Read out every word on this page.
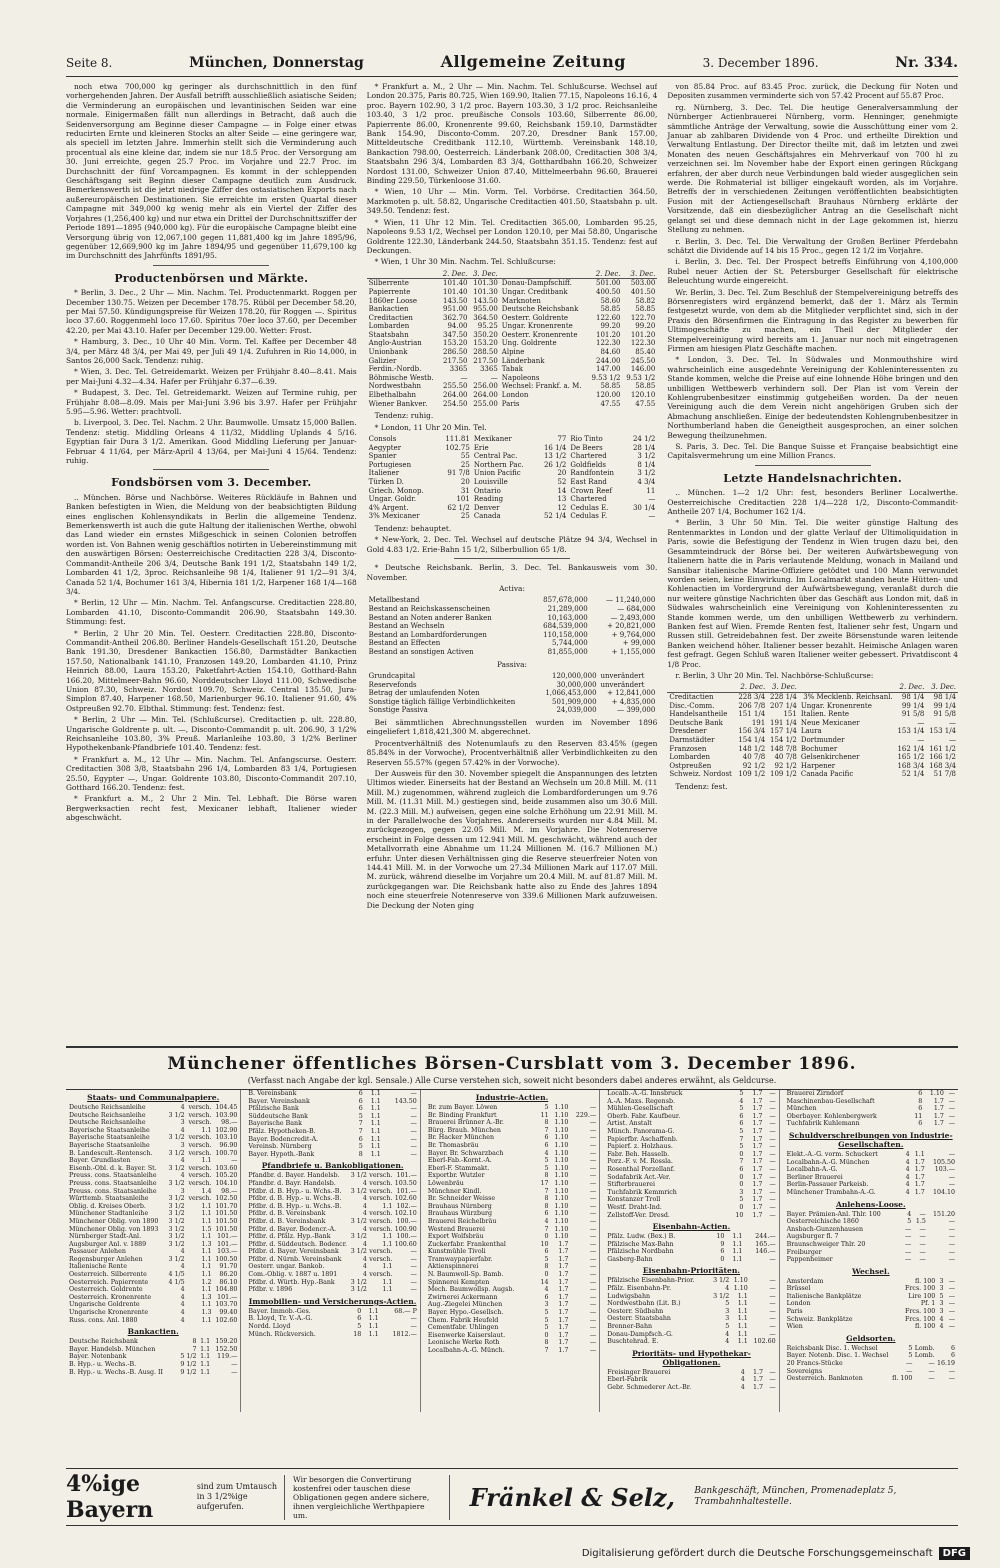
Seite 8.	München, Donnerstag	Allgemeine Zeitung	3. December 1896.	Nr. 334.

noch etwa 700,000 kg geringer als durchschnittlich in den fünf vorhergehenden Jahren. Der Ausfall betrifft ausschließlich asiatische Seiden; die Verminderung an europäischen und levantinischen Seiden war eine normale. Einigermaßen fällt nun allerdings in Betracht, daß auch die Seidenversorgung am Beginne dieser Campagne — in Folge einer etwas reducirten Ernte und kleineren Stocks an alter Seide — eine geringere war, als speciell im letzten Jahre. Immerhin stellt sich die Verminderung auch procentual als eine kleine dar, indem sie nur 18.5 Proc. der Versorgung am 30. Juni erreichte, gegen 25.7 Proc. im Vorjahre und 22.7 Proc. im Durchschnitt der fünf Vorcampagnen. Es kommt in der schleppenden Geschäftsgang seit Beginn dieser Campagne deutlich zum Ausdruck. Bemerkenswerth ist die jetzt niedrige Ziffer des ostasiatischen Exports nach außereuropäischen Destinationen. Sie erreichte im ersten Quartal dieser Campagne mit 349,000 kg wenig mehr als ein Viertel der Ziffer des Vorjahres (1,256,400 kg) und nur etwa ein Drittel der Durchschnittsziffer der Periode 1891—1895 (940,000 kg). Für die europäische Campagne bleibt eine Versorgung übrig von 12,067,100 gegen 11,881,400 kg im Jahre 1895/96, gegenüber 12,669,900 kg im Jahre 1894/95 und gegenüber 11,679,100 kg im Durchschnitt des Jahrfünfts 1891/95.

Productenbörsen und Märkte.

* Berlin, 3. Dec., 2 Uhr — Min. Nachm. Tel. Productenmarkt. Roggen per December 130.75. Weizen per December 178.75. Rüböl per December 58.20, per Mai 57.50. Kündigungspreise für Weizen 178.20, für Roggen —. Spiritus loco 37.60. Roggenmehl loco 17.60. Spiritus 70er loco 37.60, per December 42.20, per Mai 43.10. Hafer per December 129.00. Wetter: Frost.

* Hamburg, 3. Dec., 10 Uhr 40 Min. Vorm. Tel. Kaffee per December 48 3/4, per März 48 3/4, per Mai 49, per Juli 49 1/4. Zufuhren in Rio 14,000, in Santos 26,000 Sack. Tendenz: ruhig.

* Wien, 3. Dec. Tel. Getreidemarkt. Weizen per Frühjahr 8.40—8.41. Mais per Mai-Juni 4.32—4.34. Hafer per Frühjahr 6.37—6.39.

* Budapest, 3. Dec. Tel. Getreidemarkt. Weizen auf Termine ruhig, per Frühjahr 8.08—8.09. Mais per Mai-Juni 3.96 bis 3.97. Hafer per Frühjahr 5.95—5.96. Wetter: prachtvoll.

b. Liverpool, 3. Dec. Tel. Nachm. 2 Uhr. Baumwolle. Umsatz 15,000 Ballen. Tendenz: stetig. Middling Orleans 4 11/32, Middling Uplands 4 5/16. Egyptian fair Dura 3 1/2. Amerikan. Good Middling Lieferung per Januar-Februar 4 11/64, per März-April 4 13/64, per Mai-Juni 4 15/64. Tendenz: ruhig.

Fondsbörsen vom 3. December.

.. München. Börse und Nachbörse. Weiteres Rückläufe in Bahnen und Banken befestigten in Wien, die Meldung von der beabsichtigten Bildung eines englischen Kohlensyndikats in Berlin die allgemeine Tendenz. Bemerkenswerth ist auch die gute Haltung der italienischen Werthe, obwohl das Land wieder ein ernstes Mißgeschick in seinen Colonien betroffen worden ist. Von Bahnen wenig geschäftlos notirten in Uebereinstimmung mit den auswärtigen Börsen: Oesterreichische Creditactien 228 3/4, Disconto-Commandit-Antheile 206 3/4, Deutsche Bank 191 1/2, Staatsbahn 149 1/2, Lombarden 41 1/2, 3proc. Reichsanleihe 98 1/4, Italiener 91 1/2—91 3/4, Canada 52 1/4, Bochumer 161 3/4, Hibernia 181 1/2, Harpener 168 1/4—168 3/4.

* Berlin, 12 Uhr — Min. Nachm. Tel. Anfangscurse. Creditactien 228.80, Lombarden 41.10, Disconto-Commandit 206.90, Staatsbahn 149.30. Stimmung: fest.

* Berlin, 2 Uhr 20 Min. Tel. Oesterr. Creditactien 228.80, Disconto-Commandit-Antheil 206.80. Berliner Handels-Gesellschaft 151.20, Deutsche Bank 191.30, Dresdener Bankactien 156.80, Darmstädter Bankactien 157.50, Nationalbank 141.10, Franzosen 149.20, Lombarden 41.10, Prinz Heinrich 88.00, Laura 153.20, Paketfahrt-Actien 154.10, Gotthard-Bahn 166.20, Mittelmeer-Bahn 96.60, Norddeutscher Lloyd 111.00, Schwedische Union 87.30, Schweiz. Nordost 109.70, Schweiz. Central 135.50, Jura-Simplon 87.40, Harpener 168.50, Marienburger 96.10. Italiener 91.60, 4% Ostpreußen 92.70. Elbthal. Stimmung: fest. Tendenz: fest.

* Berlin, 2 Uhr — Min. Tel. (Schlußcurse). Creditactien p. ult. 228.80, Ungarische Goldrente p. ult. —, Disconto-Commandit p. ult. 206.90, 3 1/2% Reichsanleihe 103.80, 3% Preuß. Marlanleihe 103.80, 3 1/2% Berliner Hypothekenbank-Pfandbriefe 101.40. Tendenz: fest.

* Frankfurt a. M., 12 Uhr — Min. Nachm. Tel. Anfangscurse. Oesterr. Creditactien 308 3/8, Staatsbahn 296 1/4, Lombarden 83 1/4, Portugiesen 25.50, Egypter —, Ungar. Goldrente 103.80, Disconto-Commandit 207.10, Gotthard 166.20. Tendenz: fest.

* Frankfurt a. M., 2 Uhr 2 Min. Tel. Lebhaft. Die Börse waren Bergwerksactien recht fest, Mexicaner lebhaft, Italiener wieder abgeschwächt.

* Frankfurt a. M., 2 Uhr — Min. Nachm. Tel. Schlußcurse. Wechsel auf London 20.375, Paris 80.725, Wien 169.90, Italien 77.15, Napoleons 16.16, 4 proc. Bayern 102.90, 3 1/2 proc. Bayern 103.30, 3 1/2 proc. Reichsanleihe 103.40, 3 1/2 proc. preußische Consols 103.60, Silberrente 86.00, Papierrente 86.00, Kronenrente 99.60, Reichsbank 159.10, Darmstädter Bank 154.90, Disconto-Comm. 207.20, Dresdner Bank 157.00, Mitteldeutsche Creditbank 112.10, Württemb. Vereinsbank 148.10, Bankaction 798.00, Oesterreich. Länderbank 208.00, Creditactien 308 3/4, Staatsbahn 296 3/4, Lombarden 83 3/4, Gotthardbahn 166.20, Schweizer Nordost 131.00, Schweizer Union 87.40, Mittelmeerbahn 96.60, Brauerei Binding 229.50, Türkenloose 31.60.

* Wien, 10 Uhr — Min. Vorm. Tel. Vorbörse. Creditactien 364.50, Markmoten p. ult. 58.82, Ungarische Creditactien 401.50, Staatsbahn p. ult. 349.50. Tendenz: fest.

* Wien, 11 Uhr 12 Min. Tel. Creditactien 365.00, Lombarden 95.25, Napoleons 9.53 1/2, Wechsel per London 120.10, per Mai 58.80, Ungarische Goldrente 122.30, Länderbank 244.50, Staatsbahn 351.15. Tendenz: fest auf Deckungen.

* Wien, 1 Uhr 30 Min. Nachm. Tel. Schlußcurse:

	2. Dec.	3. Dec.		2. Dec.	3. Dec.
Silberrente	101.40	101.30	Donau-Dampfschiff.	501.00	503.00
Papierrente	101.40	101.30	Ungar. Creditbank	400.50	401.50
1860er Loose	143.50	143.50	Marknoten	58.60	58.82
Bankactien	951.00	955.00	Deutsche Reichsbank	58.85	58.85
Creditactien	362.70	364.50	Oesterr. Goldrente	122.60	122.70
Lombarden	94.00	95.25	Ungar. Kronenrente	99.20	99.20
Staatsbahn	347.50	350.20	Oesterr. Kronenrente	101.20	101.20
Anglo-Austrian	153.20	153.20	Ung. Goldrente	122.30	122.30
Unionbank	286.50	288.50	Alpine	84.60	85.40
Galizier	217.50	217.50	Länderbank	244.00	245.50
Ferdin.-Nordb.	3365	3365	Tabak	147.00	146.00
Böhmische Westb.	—	—	Napoleons	9.53 1/2	9.53 1/2
Nordwestbahn	255.50	256.00	Wechsel: Frankf. a. M.	58.85	58.85
Elbethalbahn	264.00	264.00	London	120.00	120.10
Wiener Bankver.	254.50	255.00	Paris	47.55	47.55

Tendenz: ruhig.

* London, 11 Uhr 20 Min. Tel.

Consols	111.81	Mexikaner	77	Rio Tinto	24 1/2
Aegypter	102.75	Erie	16 1/4	De Beers	28 1/4
Spanier	55	Central Pac.	13 1/2	Chartered	3 1/2
Portugiesen	25	Northern Pac.	26 1/2	Goldfields	8 1/4
Italiener	91 7/8	Union Pacific	20	Randfontein	3 1/2
Türken D.	20	Louisville	52	East Rand	4 3/4
Griech. Monop.	31	Ontario	14	Crown Reef	11
Ungar. Goldr.	101	Reading	13	Chartered	—
4% Argent.	62 1/2	Denver	12	Cedulas E.	30 1/4
3% Mexicaner	25	Canada	52 1/4	Cedulas F.	—

Tendenz: behauptet.

* New-York, 2. Dec. Tel. Wechsel auf deutsche Plätze 94 3/4, Wechsel in Gold 4.83 1/2. Erie-Bahn 15 1/2, Silberbullion 65 1/8.

* Deutsche Reichsbank. Berlin, 3. Dec. Tel. Bankausweis vom 30. November.

Activa:

Metallbestand	857,678,000	— 11,240,000
Bestand an Reichskassenscheinen	21,289,000	— 684,000
Bestand an Noten anderer Banken	10,163,000	— 2,493,000
Bestand an Wechseln	684,539,000	+ 20,821,000
Bestand an Lombardforderungen	110,158,000	+ 9,764,000
Bestand an Effecten	5,744,000	+ 99,000
Bestand an sonstigen Activen	81,855,000	+ 1,155,000

Passiva:

Grundcapital	120,000,000	unverändert
Reservefonds	30,000,000	unverändert
Betrag der umlaufenden Noten	1,066,453,000	+ 12,841,000
Sonstige täglich fällige Verbindlichkeiten	501,909,000	+ 4,835,000
Sonstige Passiva	24,039,000	— 399,000

Bei sämmtlichen Abrechnungsstellen wurden im November 1896 eingeliefert 1,818,421,300 M. abgerechnet.

Procentverhältniß des Notenumlaufs zu den Reserven 83.45% (gegen 85.84% in der Vorwoche), Procentverhältniß aller Verbindlichkeiten zu den Reserven 55.57% (gegen 57.42% in der Vorwoche).

Der Ausweis für den 30. November spiegelt die Anspannungen des letzten Ultimos wieder. Einerseits hat der Bestand an Wechseln um 20.8 Mill. M. (11 Mill. M.) zugenommen, während zugleich die Lombardforderungen um 9.76 Mill. M. (11.31 Mill. M.) gestiegen sind, beide zusammen also um 30.6 Mill. M. (22.3 Mill. M.) aufweisen, gegen eine solche Erhöhung um 22.91 Mill. M. in der Parallelwoche des Vorjahres. Andererseits wurden nur 4.84 Mill. M. zurückgezogen, gegen 22.05 Mill. M. im Vorjahre. Die Notenreserve erscheint in Folge dessen um 12.941 Mill. M. geschwächt, während auch der Metallvorrath eine Abnahme um 11.24 Millionen M. (16.7 Millionen M.) erfuhr. Unter diesen Verhältnissen ging die Reserve steuerfreier Noten von 144.41 Mill. M. in der Vorwoche um 27.34 Millionen Mark auf 117.07 Mill. M. zurück, während dieselbe im Vorjahre um 20.4 Mill. M. auf 81.87 Mill. M. zurückgegangen war. Die Reichsbank hatte also zu Ende des Jahres 1894 noch eine steuerfreie Notenreserve von 339.6 Millionen Mark aufzuweisen. Die Deckung der Noten ging

von 85.84 Proc. auf 83.45 Proc. zurück, die Deckung für Noten und Depositen zusammen verminderte sich von 57.42 Procent auf 55.87 Proc.

rg. Nürnberg, 3. Dec. Tel. Die heutige Generalversammlung der Nürnberger Actienbrauerei Nürnberg, vorm. Henninger, genehmigte sämmtliche Anträge der Verwaltung, sowie die Ausschüttung einer vom 2. Januar ab zahlbaren Dividende von 4 Proc. und ertheilte Direktion und Verwaltung Entlastung. Der Director theilte mit, daß im letzten und zwei Monaten des neuen Geschäftsjahres ein Mehrverkauf von 700 hl zu verzeichnen sei. Im November habe der Export einen geringen Rückgang erfahren, der aber durch neue Verbindungen bald wieder ausgeglichen sein werde. Die Rohmaterial ist billiger eingekauft worden, als im Vorjahre. Betreffs der in verschiedenen Zeitungen veröffentlichten beabsichtigten Fusion mit der Actiengesellschaft Brauhaus Nürnberg erklärte der Vorsitzende, daß ein diesbezüglicher Antrag an die Gesellschaft nicht gelangt sei und diese demnach nicht in der Lage gekommen ist, hierzu Stellung zu nehmen.

r. Berlin, 3. Dec. Tel. Die Verwaltung der Großen Berliner Pferdebahn schätzt die Dividende auf 14 bis 15 Proc., gegen 12 1/2 im Vorjahre.

i. Berlin, 3. Dec. Tel. Der Prospect betreffs Einführung von 4,100,000 Rubel neuer Actien der St. Petersburger Gesellschaft für elektrische Beleuchtung wurde eingereicht.

Wr. Berlin, 3. Dec. Tel. Zum Beschluß der Stempelvereinigung betreffs des Börsenregisters wird ergänzend bemerkt, daß der 1. März als Termin festgesetzt wurde, von dem ab die Mitglieder verpflichtet sind, sich in der Praxis den Börsenfirmen die Eintragung in das Register zu bewerben für Ultimogeschäfte zu machen, ein Theil der Mitglieder der Stempelvereinigung wird bereits am 1. Januar nur noch mit eingetragenen Firmen am hiesigen Platz Geschäfte machen.

* London, 3. Dec. Tel. In Südwales und Monmouthshire wird wahrscheinlich eine ausgedehnte Vereinigung der Kohleninteressenten zu Stande kommen, welche die Preise auf eine lohnende Höhe bringen und den unbilligen Wettbewerb verhindern soll. Der Plan ist vom Verein der Kohlengrubenbesitzer einstimmig gutgeheißen worden. Da der neuen Vereinigung auch die dem Verein nicht angehörigen Gruben sich der Abmachung anschließen. Einige der bedeutendsten Kohlengrubenbesitzer in Northumberland haben die Geneigtheit ausgesprochen, an einer solchen Bewegung theilzunehmen.

S. Paris, 3. Dec. Tel. Die Banque Suisse et Française beabsichtigt eine Capitalsvermehrung um eine Million Francs.

Letzte Handelsnachrichten.

.. München. 1—2 1/2 Uhr: fest, besonders Berliner Localwerthe. Oesterreichische Creditactien 228 1/4—228 1/2, Disconto-Commandit-Antheile 207 1/4, Bochumer 162 1/4.

* Berlin, 3 Uhr 50 Min. Tel. Die weiter günstige Haltung des Rentenmarktes in London und der glatte Verlauf der Ultimoliquidation in Paris, sowie die Befestigung der Tendenz in Wien trugen dazu bei, den Gesammteindruck der Börse bei. Der weiteren Aufwärtsbewegung von Italienern hatte die in Paris verlautende Meldung, wonach in Mailand und Sansibar italienische Marine-Offiziere getödtet und 100 Mann verwundet worden seien, keine Einwirkung. Im Localmarkt standen heute Hütten- und Kohlenactien im Vordergrund der Aufwärtsbewegung, veranlaßt durch die nur weitere günstige Nachrichten über das Geschäft aus London mit, daß in Südwales wahrscheinlich eine Vereinigung von Kohleninteressenten zu Stande kommen werde, um den unbilligen Wettbewerb zu verhindern. Banken fest auf Wien. Fremde Renten fest, Italiener sehr fest, Ungarn und Russen still. Getreidebahnen fest. Der zweite Börsenstunde waren leitende Banken weichend höher. Italiener besser bezahlt. Heimische Anlagen waren fest gefragt. Gegen Schluß waren Italiener weiter gebessert. Privatdiscont 4 1/8 Proc.

r. Berlin, 3 Uhr 20 Min. Tel. Nachbörse-Schlußcurse:

	2. Dec.	3. Dec.		2. Dec.	3. Dec.
Creditactien	228 3/4	228 1/4	3% Mecklenb. Reichsanl.	98 1/4	98 1/4
Disc.-Comm.	206 7/8	207 1/4	Ungar. Kronenrente	99 1/4	99 1/4
Handelsantheile	151 1/4	151	Italien. Rente	91 5/8	91 5/8
Deutsche Bank	191	191 1/4	Neue Mexicaner	—	—
Dresdener	156 3/4	157 1/4	Laura	153 1/4	153 1/4
Darmstädter	154 1/4	154 1/2	Dortmunder	—	—
Franzosen	148 1/2	148 7/8	Bochumer	162 1/4	161 1/2
Lombarden	40 7/8	40 7/8	Gelsenkirchener	165 1/2	166 1/2
Ostpreußen	92 1/2	92 1/2	Harpener	168 3/4	168 3/4
Schweiz. Nordost	109 1/2	109 1/2	Canada Pacific	52 1/4	51 7/8

Tendenz: fest.

Münchener öffentliches Börsen-Cursblatt vom 3. December 1896.
(Verfasst nach Angabe der kgl. Sensale.) Alle Curse verstehen sich, soweit nicht besonders dabei anderes erwähnt, als Geldcurse.
Staats- und Communalpapiere.
Deutsche Reichsanleihe	4	versch.	104.45
Deutsche Reichsanleihe	3 1/2	versch.	103.90
Deutsche Reichsanleihe	3	versch.	98.—
Bayerische Staatsanleihe	4	1.1	102.90
Bayerische Staatsanleihe	3 1/2	versch.	103.10
Bayerische Staatsanleihe	3	versch.	96.90
B. Landescult.-Rentensch.	3 1/2	versch.	100.70
Bayer. Grundlasten	4	1.1	—
Eisenb.-Obl. d. k. Bayer. St.	3 1/2	versch.	103.60
Preuss. cons. Staatsanleihe	4	versch.	105.20
Preuss. cons. Staatsanleihe	3 1/2	versch.	104.10
Preuss. cons. Staatsanleihe	3	1.4	98.—
Württemb. Staatsanleihe	3 1/2	versch.	102.50
Oblig. d. Kreises Oberb.	3 1/2	1.1	101.70
Münchener Stadtanleihe	3 1/2	1.1	101.50
Münchener Oblig. von 1890	3 1/2	1.1	101.50
Münchener Oblig. von 1893	3 1/2	1.5	101.50
Nürnberger Stadt-Anl.	3 1/2	1.1	101.—
Augsburger Anl. v. 1889	3 1/2	1.3	101.—
Passauer Anlehen	4	1.1	103.—
Regensburger Anlehen	3 1/2	1.1	100.50
Italienische Rente	4	1.1	91.70
Oesterreich. Silberrente	4 1/5	1.1	86.20
Oesterreich. Papierrente	4 1/5	1.2	86.10
Oesterreich. Goldrente	4	1.1	104.80
Oesterreich. Kronenrente	4	1.3	101.—
Ungarische Goldrente	4	1.1	103.70
Ungarische Kronenrente	4	1.3	99.40
Russ. cons. Anl. 1880	4	1.1	102.60
Bankactien.
Deutsche Reichsbank	8	1.1	159.20
Bayer. Handelsb. München	7	1.1	152.50
Bayer. Notenbank	5 1/2	1.1	119.—
B. Hyp.- u. Wechs.-B.	9 1/2	1.1	—
B. Hyp.- u. Wechs.-B. Ausg. II	9 1/2	1.1	—
B. Vereinsbank	6	1.1	—
Bayer. Vereinsbank	6	1.1	143.50
Pfälzische Bank	6	1.1	—
Süddeutsche Bank	5	1.1	—
Bayerische Bank	7	1.1	—
Pfälz. Hypotheken-B.	7	1.1	—
Bayer. Bodencredit-A.	6	1.1	—
Vereinsb. Nürnberg	5	1.1	—
Bayer. Hypoth.-Bank	8	1.1	—
Pfandbriefe u. Bankobligationen.
Pfandbr. d. Bayer. Handelsb.	3 1/2	versch.	101.—
Pfandbr. d. Bayr. Handelsb.	4	versch.	103.50
Pfdbr. d. B. Hyp.- u. Wchs.-B.	3 1/2	versch.	101.—
Pfdbr. d. B. Hyp.- u. Wchs.-B.	4	versch.	102.60
Pfdbr. d. B. Hyp.- u. Wchs.-B.	4	1.1	102.—
Pfdbr. d. B. Vereinsbank	4	versch.	102.10
Pfdbr. d. B. Vereinsbank	3 1/2	versch.	100.—
Pfdbr. d. Bayer. Bodencr.-A.	4	versch.	100.90
Pfdbr. d. Pfälz. Hyp.-Bank	3 1/2	1.1	100.—
Pfdbr. d. Süddeutsch. Bodencr.	4	1.1	100.60
Pfdbr. d. Bayer. Vereinsbank	3 1/2	versch.	—
Pfdbr. d. Nürnb. Vereinsbank	4	versch.	—
Oesterr. ungar. Bankob.	4	1.1	—
Com.-Oblig. v. 1887 u. 1891	4	versch.	—
Pfdbr. d. Würtb. Hyp.-Bank	3 1/2	1.1	—
Pfdbr. v. 1896	3 1/2	1.1	—
Immobilien- und Versicherungs-Actien.
Bayer. Immob.-Ges.	0	1.1	68.— P
B. Lloyd, Tr. V.-A.-G.	6	1.1	—
Nordd. Lloyd	5	1.1	—
Münch. Rückversich.	18	1.1	1812.—
Industrie-Actien.
Br. zum Bayer. Löwen	5	1.10	—
Br. Binding Frankfurt	11	1.10	229.—
Brauerei Brünner A.-Br.	8	1.10	—
Bürg. Brauh. München	7	1.10	—
Br. Hacker München	6	1.10	—
Br. Thomasbräu	6	1.10	—
Bayer. Br. Schwarzbach	4	1.10	—
Eberl-Fab.-Kornt.-A.	5	1.10	—
Eberl-F. Stammakt.	5	1.10	—
Exportbr. Wutzler	8	1.10	—
Löwenbräu	17	1.10	—
Münchner Kindl.	7	1.10	—
Br. Schneider Weisse	8	1.10	—
Brauhaus Nürnberg	8	1.10	—
Brauhaus Würzburg	6	1.10	—
Brauerei Reichelbräu	4	1.10	—
Westend Brauerei	7	1.10	—
Export Wolfsbräu	0	1.10	—
Zuckerfabr. Frankenthal	10	1.7	—
Kunstmühle Tivoli	6	1.7	—
Tramwaypapierfabr.	5	1.7	—
Aktienspinnerei	8	1.7	—
N. Baumwoll-Sp. Bamb.	0	1.7	—
Spinnerei Kempten	14	1.7	—
Mech. Baumwollsp. Augsb.	4	1.7	—
Zwirnerei Ackermann	6	1.7	—
Aug.-Ziegelei München	3	1.7	—
Bayer. Hypo.-Gesellsch.	5	1.7	—
Chem. Fabrik Heufeld	5	1.7	—
Cementfabr. Uhlingen	5	1.7	—
Eisenwerke Kaiserslaut.	0	1.7	—
Leonische Werke Roth	8	1.7	—
Localbahn-A.-G. Münch.	7	1.7	—
Localb.-A.-G. Innsbruck	5	1.7	—
A.-A. Maxs. Regensb.	4	1.7	—
Mühlen-Gesellschaft	5	1.7	—
Oberb. Fabr. Kaufbeur.	6	1.7	—
Artist. Anstalt	6	1.7	—
Münch. Panorama-G.	5	1.7	—
Papierfbr. Aschaffenb.	7	1.7	—
Papierf. z. Holzhaus.	5	1.7	—
Fabr. Beh. Hasselb.	0	1.7	—
Porz.-F. v. M. Rossla.	7	1.7	—
Rosenthal Porzellanf.	6	1.7	—
Sodafabrik Act.-Ver.	0	1.7	—
Stifterbrauerei	0	1.7	—
Tuchfabrik Kemmrich	3	1.7	—
Konstanzer Troll	5	1.7	—
Westf. Draht-Ind.	0	1.7	—
Zellstoff-Ver. Dresd.	10	1.7	—
Eisenbahn-Actien.
Pfälz. Ludw. (Bex.) B.	10	1.1	244.—
Pfälzische Max-Bahn	9	1.1	165.—
Pfälzische Nordbahn	6	1.1	146.—
Gasberg-Bahn	0	1.1	—
Eisenbahn-Prioritäten.
Pfälzische Eisenbahn-Prior.	3 1/2	1.10	—
Pfälz. Eisenbahn-Pr.	4	1.10	—
Ludwigsbahn	3 1/2	1.1	—
Nordwestbahn (Lit. B.)	5	1.1	—
Oesterr. Südbahn	3	1.1	—
Oesterr. Staatsbahn	3	1.1	—
Brenner-Bahn	5	1.1	—
Donau-Dampfsch.-G.	4	1.1	—
Buschtehrad. E.	4	1.1	102.60
Prioritäts- und Hypothekar-Obligationen.
Freisinger Brauerei	4	1.7	—
Eberl-Fabrik	4	1.7	—
Gebr. Schmederer Act.-Br.	4	1.7	—
Brauerei Zirndorf	6	1.10	—
Maschinenbau-Gesellschaft	8	1.7	—
München	6	1.7	—
Oberbayer. Kohlenbergwerk	11	1.7	—
Tuchfabrik Kuhlemann	6	1.7	—
Schuldverschreibungen von Industrie-Gesellschaften.
Elekt.-A.-G. vorm. Schuckert	4	1.1	—
Localbahn-A.-G. München	4	1.7	105.50
Localbahn-A.-G.	4	1.7	103.—
Berliner Brauerei	4	1.7	—
Berlin-Passauer Parkeisb.	4	1.7	—
Münchener Trambahn-A.-G.	4	1.7	104.10
Anlehens-Loose.
Bayer. Prämien-Anl. Thlr. 100	4	—	151.20
Oesterreichische 1860	5	1.5	—
Ansbach-Gunzenhausen	—	—	—
Augsburger fl. 7	—	—	—
Braunschweiger Thlr. 20	—	—	—
Freiburger	—	—	—
Pappenheimer	—	—	—
Wechsel.
Amsterdam	fl. 100	3	—
Brüssel	Frcs. 100	3	—
Italienische Bankplätze	Lire 100	5	—
London	Pf. 1	3	—
Paris	Frcs. 100	3	—
Schweiz. Bankplätze	Frcs. 100	4	—
Wien	fl. 100	4	—
Geldsorten.
Reichsbank Disc. 1. Wechsel	5	Lomb.	6
Bayer. Notenb. Disc. 1. Wechsel	5	Lomb.	6
20 Francs-Stücke	—	—	16.19
Sovereigns	—	—	—
Oesterreich. Banknoten	fl. 100	—	—
4%ige Bayern
sind zum Umtausch in 3 1/2%ige aufgerufen.
Wir besorgen die Convertirung kostenfrei oder tauschen diese Obligationen gegen andere sichere, ihnen vergleichliche Werthpapiere um.
Fränkel & Selz,	Bankgeschäft, München, Promenadeplatz 5, Trambahnhaltestelle.
Digitalisierung gefördert durch die Deutsche Forschungsgemeinschaft	DFG
